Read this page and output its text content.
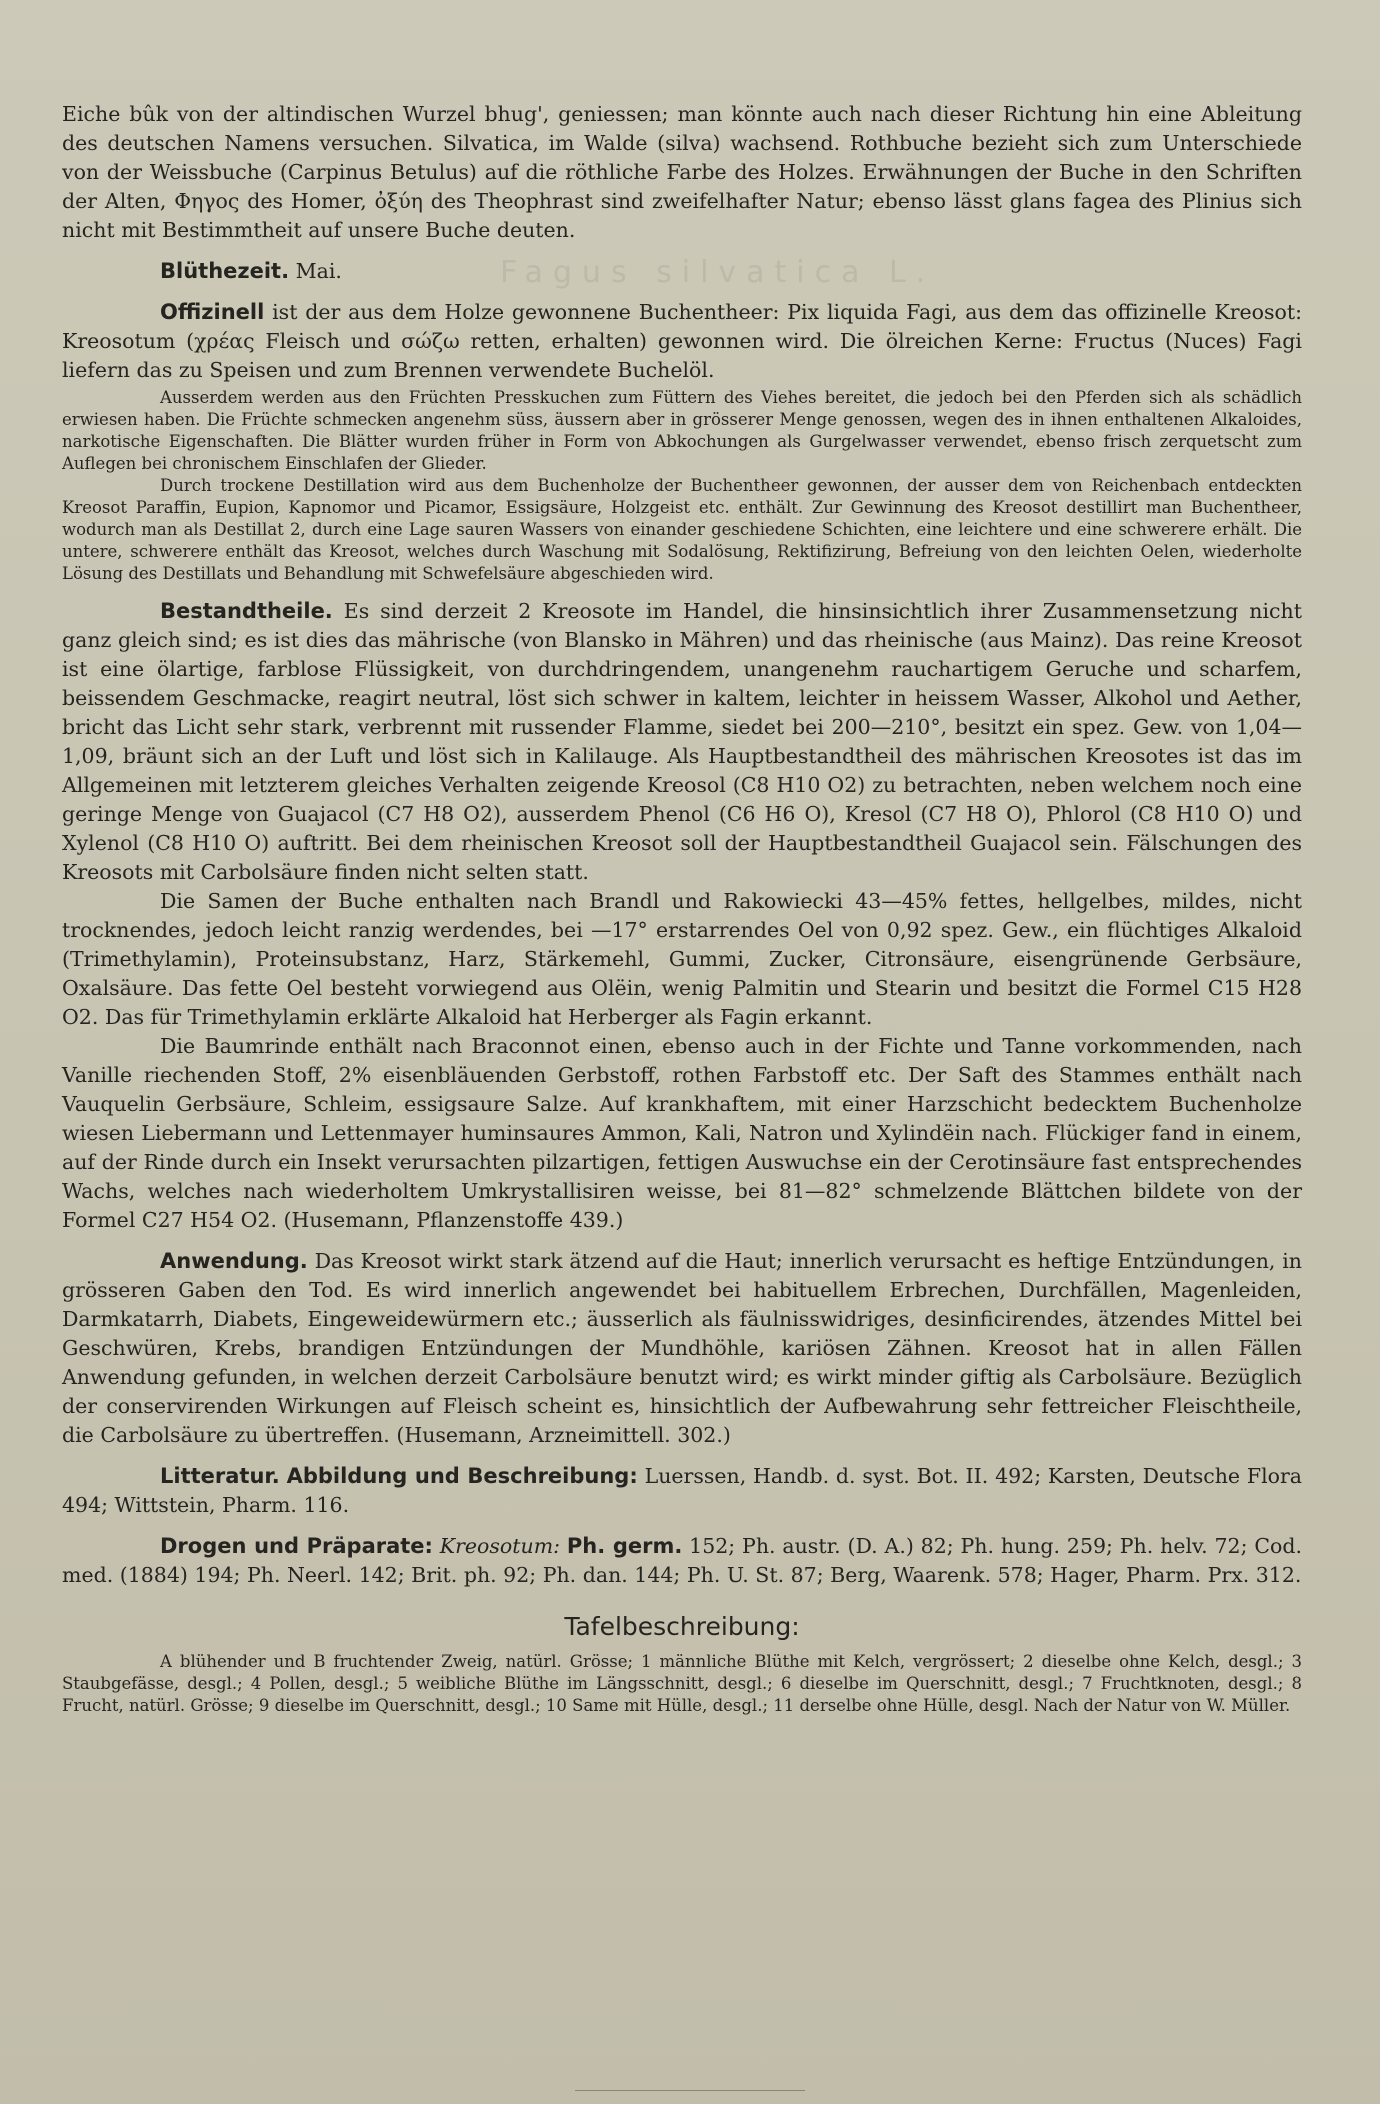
Fagus silvatica L.

Eiche bûk von der altindischen Wurzel bhug', geniessen; man könnte auch nach dieser Richtung hin eine Ableitung des deutschen Namens versuchen. Silvatica, im Walde (silva) wachsend. Rothbuche bezieht sich zum Unterschiede von der Weissbuche (Carpinus Betulus) auf die röthliche Farbe des Holzes. Erwähnungen der Buche in den Schriften der Alten, Φηγος des Homer, ὀξύη des Theophrast sind zweifelhafter Natur; ebenso lässt glans fagea des Plinius sich nicht mit Bestimmtheit auf unsere Buche deuten.

Blüthezeit. Mai.

Offizinell ist der aus dem Holze gewonnene Buchentheer: Pix liquida Fagi, aus dem das offizinelle Kreosot: Kreosotum (χρέας Fleisch und σώζω retten, erhalten) gewonnen wird. Die ölreichen Kerne: Fructus (Nuces) Fagi liefern das zu Speisen und zum Brennen verwendete Buchelöl.

Ausserdem werden aus den Früchten Presskuchen zum Füttern des Viehes bereitet, die jedoch bei den Pferden sich als schädlich erwiesen haben. Die Früchte schmecken angenehm süss, äussern aber in grösserer Menge genossen, wegen des in ihnen enthaltenen Alkaloides, narkotische Eigenschaften. Die Blätter wurden früher in Form von Abkochungen als Gurgelwasser verwendet, ebenso frisch zerquetscht zum Auflegen bei chronischem Einschlafen der Glieder.

Durch trockene Destillation wird aus dem Buchenholze der Buchentheer gewonnen, der ausser dem von Reichenbach entdeckten Kreosot Paraffin, Eupion, Kapnomor und Picamor, Essigsäure, Holzgeist etc. enthält. Zur Gewinnung des Kreosot destillirt man Buchentheer, wodurch man als Destillat 2, durch eine Lage sauren Wassers von einander geschiedene Schichten, eine leichtere und eine schwerere erhält. Die untere, schwerere enthält das Kreosot, welches durch Waschung mit Sodalösung, Rektifizirung, Befreiung von den leichten Oelen, wiederholte Lösung des Destillats und Behandlung mit Schwefelsäure abgeschieden wird.

Bestandtheile. Es sind derzeit 2 Kreosote im Handel, die hinsinsichtlich ihrer Zusammensetzung nicht ganz gleich sind; es ist dies das mährische (von Blansko in Mähren) und das rheinische (aus Mainz). Das reine Kreosot ist eine ölartige, farblose Flüssigkeit, von durchdringendem, unangenehm rauchartigem Geruche und scharfem, beissendem Geschmacke, reagirt neutral, löst sich schwer in kaltem, leichter in heissem Wasser, Alkohol und Aether, bricht das Licht sehr stark, verbrennt mit russender Flamme, siedet bei 200—210°, besitzt ein spez. Gew. von 1,04—1,09, bräunt sich an der Luft und löst sich in Kalilauge. Als Hauptbestandtheil des mährischen Kreosotes ist das im Allgemeinen mit letzterem gleiches Verhalten zeigende Kreosol (C8 H10 O2) zu betrachten, neben welchem noch eine geringe Menge von Guajacol (C7 H8 O2), ausserdem Phenol (C6 H6 O), Kresol (C7 H8 O), Phlorol (C8 H10 O) und Xylenol (C8 H10 O) auftritt. Bei dem rheinischen Kreosot soll der Hauptbestandtheil Guajacol sein. Fälschungen des Kreosots mit Carbolsäure finden nicht selten statt.

Die Samen der Buche enthalten nach Brandl und Rakowiecki 43—45% fettes, hellgelbes, mildes, nicht trocknendes, jedoch leicht ranzig werdendes, bei —17° erstarrendes Oel von 0,92 spez. Gew., ein flüchtiges Alkaloid (Trimethylamin), Proteinsubstanz, Harz, Stärkemehl, Gummi, Zucker, Citronsäure, eisengrünende Gerbsäure, Oxalsäure. Das fette Oel besteht vorwiegend aus Olëin, wenig Palmitin und Stearin und besitzt die Formel C15 H28 O2. Das für Trimethylamin erklärte Alkaloid hat Herberger als Fagin erkannt.

Die Baumrinde enthält nach Braconnot einen, ebenso auch in der Fichte und Tanne vorkommenden, nach Vanille riechenden Stoff, 2% eisenbläuenden Gerbstoff, rothen Farbstoff etc. Der Saft des Stammes enthält nach Vauquelin Gerbsäure, Schleim, essigsaure Salze. Auf krankhaftem, mit einer Harzschicht bedecktem Buchenholze wiesen Liebermann und Lettenmayer huminsaures Ammon, Kali, Natron und Xylindëin nach. Flückiger fand in einem, auf der Rinde durch ein Insekt verursachten pilzartigen, fettigen Auswuchse ein der Cerotinsäure fast entsprechendes Wachs, welches nach wiederholtem Umkrystallisiren weisse, bei 81—82° schmelzende Blättchen bildete von der Formel C27 H54 O2. (Husemann, Pflanzenstoffe 439.)

Anwendung. Das Kreosot wirkt stark ätzend auf die Haut; innerlich verursacht es heftige Entzündungen, in grösseren Gaben den Tod. Es wird innerlich angewendet bei habituellem Erbrechen, Durchfällen, Magenleiden, Darmkatarrh, Diabets, Eingeweidewürmern etc.; äusserlich als fäulnisswidriges, desinficirendes, ätzendes Mittel bei Geschwüren, Krebs, brandigen Entzündungen der Mundhöhle, kariösen Zähnen. Kreosot hat in allen Fällen Anwendung gefunden, in welchen derzeit Carbolsäure benutzt wird; es wirkt minder giftig als Carbolsäure. Bezüglich der conservirenden Wirkungen auf Fleisch scheint es, hinsichtlich der Aufbewahrung sehr fettreicher Fleischtheile, die Carbolsäure zu übertreffen. (Husemann, Arzneimittell. 302.)

Litteratur. Abbildung und Beschreibung: Luerssen, Handb. d. syst. Bot. II. 492; Karsten, Deutsche Flora 494; Wittstein, Pharm. 116.

Drogen und Präparate: Kreosotum: Ph. germ. 152; Ph. austr. (D. A.) 82; Ph. hung. 259; Ph. helv. 72; Cod. med. (1884) 194; Ph. Neerl. 142; Brit. ph. 92; Ph. dan. 144; Ph. U. St. 87; Berg, Waarenk. 578; Hager, Pharm. Prx. 312.

Tafelbeschreibung:

A blühender und B fruchtender Zweig, natürl. Grösse; 1 männliche Blüthe mit Kelch, vergrössert; 2 dieselbe ohne Kelch, desgl.; 3 Staubgefässe, desgl.; 4 Pollen, desgl.; 5 weibliche Blüthe im Längsschnitt, desgl.; 6 dieselbe im Querschnitt, desgl.; 7 Fruchtknoten, desgl.; 8 Frucht, natürl. Grösse; 9 dieselbe im Querschnitt, desgl.; 10 Same mit Hülle, desgl.; 11 derselbe ohne Hülle, desgl. Nach der Natur von W. Müller.
